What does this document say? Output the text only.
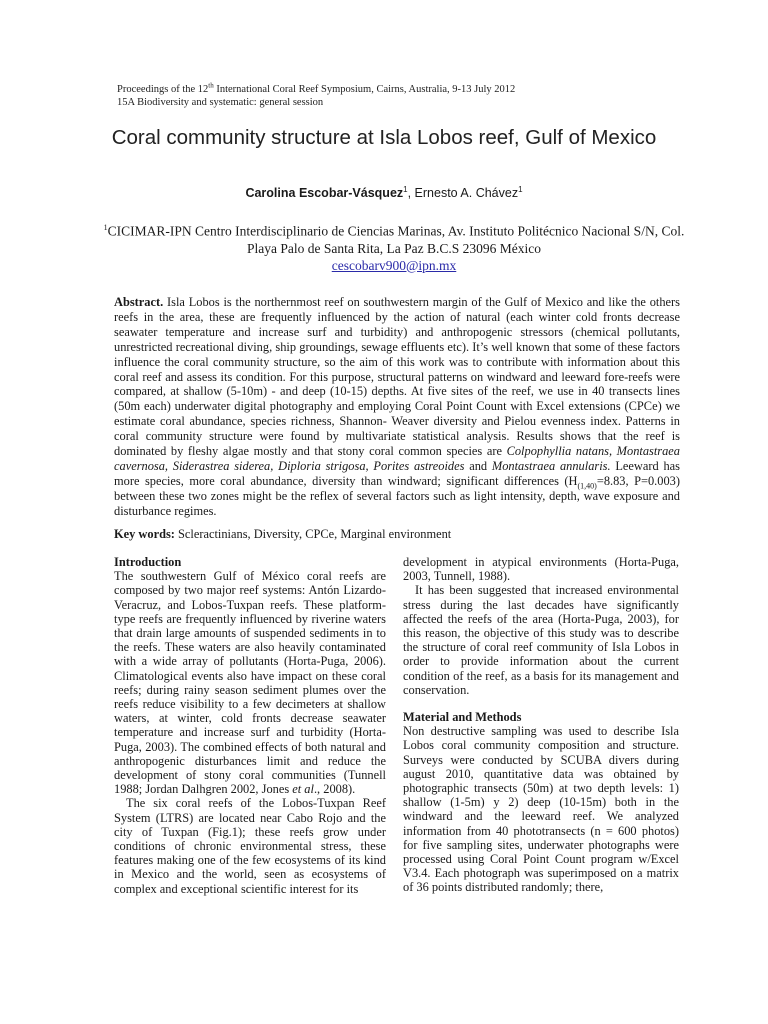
Proceedings of the 12th International Coral Reef Symposium, Cairns, Australia, 9-13 July 2012
15A Biodiversity and systematic: general session
Coral community structure at Isla Lobos reef, Gulf of Mexico
Carolina Escobar-Vásquez$^1$, Ernesto A. Chávez$^1$
$^1$CICIMAR-IPN Centro Interdisciplinario de Ciencias Marinas, Av. Instituto Politécnico Nacional S/N, Col.
Playa Palo de Santa Rita, La Paz B.C.S 23096 México
cescobarv900@ipn.mx
Abstract. Isla Lobos is the northernmost reef on southwestern margin of the Gulf of Mexico and like the others reefs in the area, these are frequently influenced by the action of natural (each winter cold fronts decrease seawater temperature and increase surf and turbidity) and anthropogenic stressors (chemical pollutants, unrestricted recreational diving, ship groundings, sewage effluents etc). It’s well known that some of these factors influence the coral community structure, so the aim of this work was to contribute with information about this coral reef and assess its condition. For this purpose, structural patterns on windward and leeward fore-reefs were compared, at shallow (5-10m) - and deep (10-15) depths. At five sites of the reef, we use in 40 transects lines (50m each) underwater digital photography and employing Coral Point Count with Excel extensions (CPCe) we estimate coral abundance, species richness, Shannon- Weaver diversity and Pielou evenness index. Patterns in coral community structure were found by multivariate statistical analysis. Results shows that the reef is dominated by fleshy algae mostly and that stony coral common species are Colpophyllia natans, Montastraea cavernosa, Siderastrea siderea, Diploria strigosa, Porites astreoides and Montastraea annularis. Leeward has more species, more coral abundance, diversity than windward; significant differences ($H_{(1,40)}=8.83$, P=0.003) between these two zones might be the reflex of several factors such as light intensity, depth, wave exposure and disturbance regimes.
Key words: Scleractinians, Diversity, CPCe, Marginal environment
Introduction

The southwestern Gulf of México coral reefs are composed by two major reef systems: Antón Lizardo-Veracruz, and Lobos-Tuxpan reefs. These platform-type reefs are frequently influenced by riverine waters that drain large amounts of suspended sediments in to the reefs. These waters are also heavily contaminated with a wide array of pollutants (Horta-Puga, 2006). Climatological events also have impact on these coral reefs; during rainy season sediment plumes over the reefs reduce visibility to a few decimeters at shallow waters, at winter, cold fronts decrease seawater temperature and increase surf and turbidity (Horta-Puga, 2003). The combined effects of both natural and anthropogenic disturbances limit and reduce the development of stony coral communities (Tunnell 1988; Jordan Dalhgren 2002, Jones et al., 2008).

The six coral reefs of the Lobos-Tuxpan Reef System (LTRS) are located near Cabo Rojo and the city of Tuxpan (Fig.1); these reefs grow under conditions of chronic environmental stress, these features making one of the few ecosystems of its kind in Mexico and the world, seen as ecosystems of complex and exceptional scientific interest for its

development in atypical environments (Horta-Puga, 2003, Tunnell, 1988).

It has been suggested that increased environmental stress during the last decades have significantly affected the reefs of the area (Horta-Puga, 2003), for this reason, the objective of this study was to describe the structure of coral reef community of Isla Lobos in order to provide information about the current condition of the reef, as a basis for its management and conservation.

Material and Methods

Non destructive sampling was used to describe Isla Lobos coral community composition and structure. Surveys were conducted by SCUBA divers during august 2010, quantitative data was obtained by photographic transects (50m) at two depth levels: 1) shallow (1-5m) y 2) deep (10-15m) both in the windward and the leeward reef. We analyzed information from 40 phototransects (n = 600 photos) for five sampling sites, underwater photographs were processed using Coral Point Count program w/Excel V3.4. Each photograph was superimposed on a matrix of 36 points distributed randomly; there,
